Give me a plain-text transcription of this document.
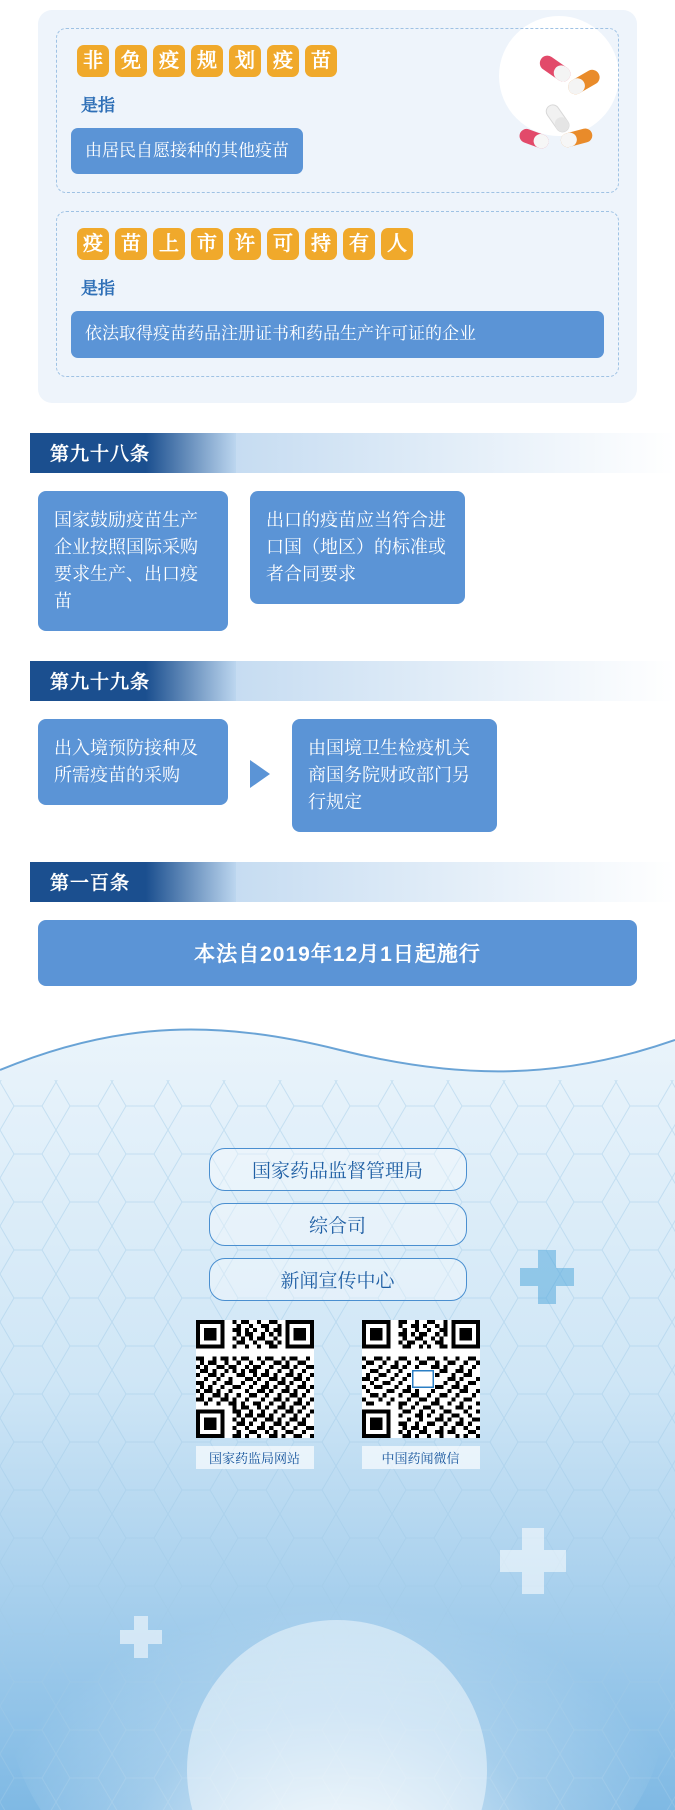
非 免 疫 规 划 疫 苗
是指
由居民自愿接种的其他疫苗
疫 苗 上 市 许 可 持 有 人
是指
依法取得疫苗药品注册证书和药品生产许可证的企业
第九十八条
国家鼓励疫苗生产企业按照国际采购要求生产、出口疫苗
出口的疫苗应当符合进口国（地区）的标准或者合同要求
第九十九条
出入境预防接种及所需疫苗的采购
由国境卫生检疫机关商国务院财政部门另行规定
第一百条
本法自2019年12月1日起施行
国家药品监督管理局
综合司
新闻宣传中心
国家药监局网站	中国药闻微信
